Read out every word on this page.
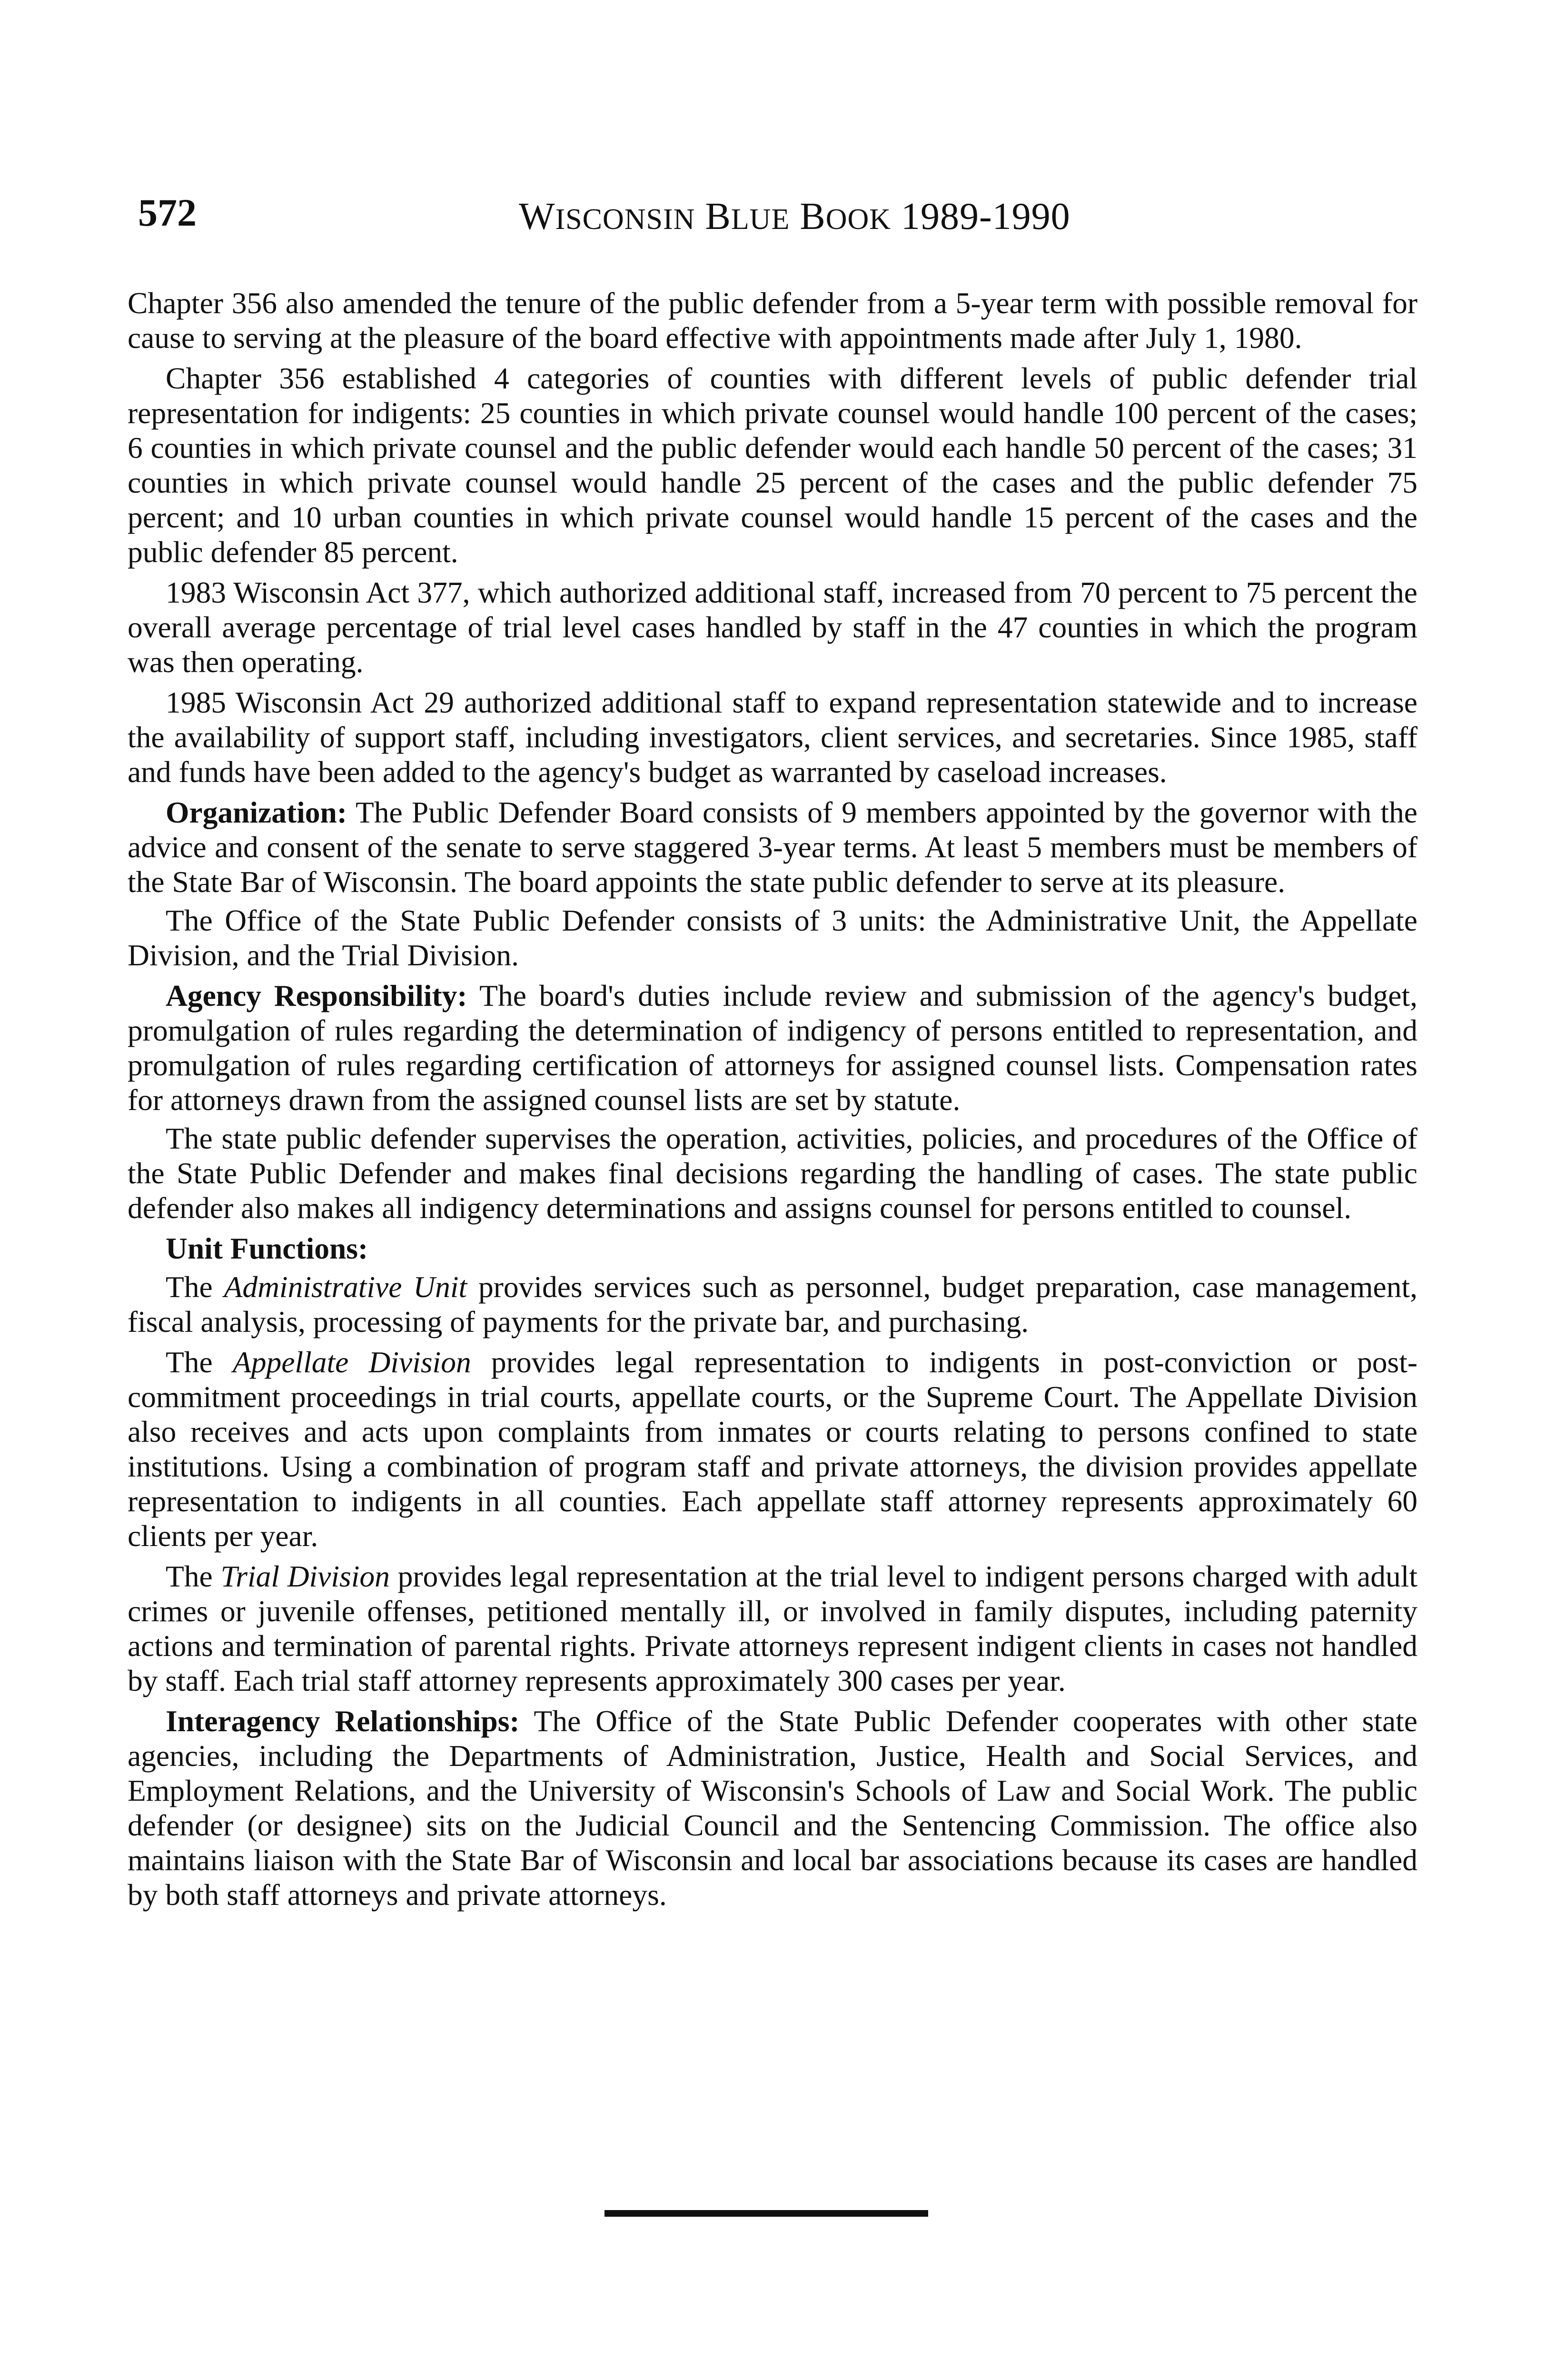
572	WISCONSIN BLUE BOOK 1989-1990

Chapter 356 also amended the tenure of the public defender from a 5-year term with possible removal for cause to serving at the pleasure of the board effective with appointments made after July 1, 1980.

Chapter 356 established 4 categories of counties with different levels of public defender trial representation for indigents: 25 counties in which private counsel would handle 100 percent of the cases; 6 counties in which private counsel and the public defender would each handle 50 percent of the cases; 31 counties in which private counsel would handle 25 percent of the cases and the public defender 75 percent; and 10 urban counties in which private counsel would handle 15 percent of the cases and the public defender 85 percent.

1983 Wisconsin Act 377, which authorized additional staff, increased from 70 percent to 75 percent the overall average percentage of trial level cases handled by staff in the 47 counties in which the program was then operating.

1985 Wisconsin Act 29 authorized additional staff to expand representation statewide and to increase the availability of support staff, including investigators, client services, and secretaries. Since 1985, staff and funds have been added to the agency's budget as warranted by caseload increases.

Organization: The Public Defender Board consists of 9 members appointed by the governor with the advice and consent of the senate to serve staggered 3-year terms. At least 5 members must be members of the State Bar of Wisconsin. The board appoints the state public defender to serve at its pleasure.

The Office of the State Public Defender consists of 3 units: the Administrative Unit, the Appellate Division, and the Trial Division.

Agency Responsibility: The board's duties include review and submission of the agency's budget, promulgation of rules regarding the determination of indigency of persons entitled to representation, and promulgation of rules regarding certification of attorneys for assigned counsel lists. Compensation rates for attorneys drawn from the assigned counsel lists are set by statute.

The state public defender supervises the operation, activities, policies, and procedures of the Office of the State Public Defender and makes final decisions regarding the handling of cases. The state public defender also makes all indigency determinations and assigns counsel for persons entitled to counsel.

Unit Functions:

The Administrative Unit provides services such as personnel, budget preparation, case management, fiscal analysis, processing of payments for the private bar, and purchasing.

The Appellate Division provides legal representation to indigents in post-conviction or post-commitment proceedings in trial courts, appellate courts, or the Supreme Court. The Appellate Division also receives and acts upon complaints from inmates or courts relating to persons confined to state institutions. Using a combination of program staff and private attorneys, the division provides appellate representation to indigents in all counties. Each appellate staff attorney represents approximately 60 clients per year.

The Trial Division provides legal representation at the trial level to indigent persons charged with adult crimes or juvenile offenses, petitioned mentally ill, or involved in family disputes, including paternity actions and termination of parental rights. Private attorneys represent indigent clients in cases not handled by staff. Each trial staff attorney represents approximately 300 cases per year.

Interagency Relationships: The Office of the State Public Defender cooperates with other state agencies, including the Departments of Administration, Justice, Health and Social Services, and Employment Relations, and the University of Wisconsin's Schools of Law and Social Work. The public defender (or designee) sits on the Judicial Council and the Sentencing Commission. The office also maintains liaison with the State Bar of Wisconsin and local bar associations because its cases are handled by both staff attorneys and private attorneys.
